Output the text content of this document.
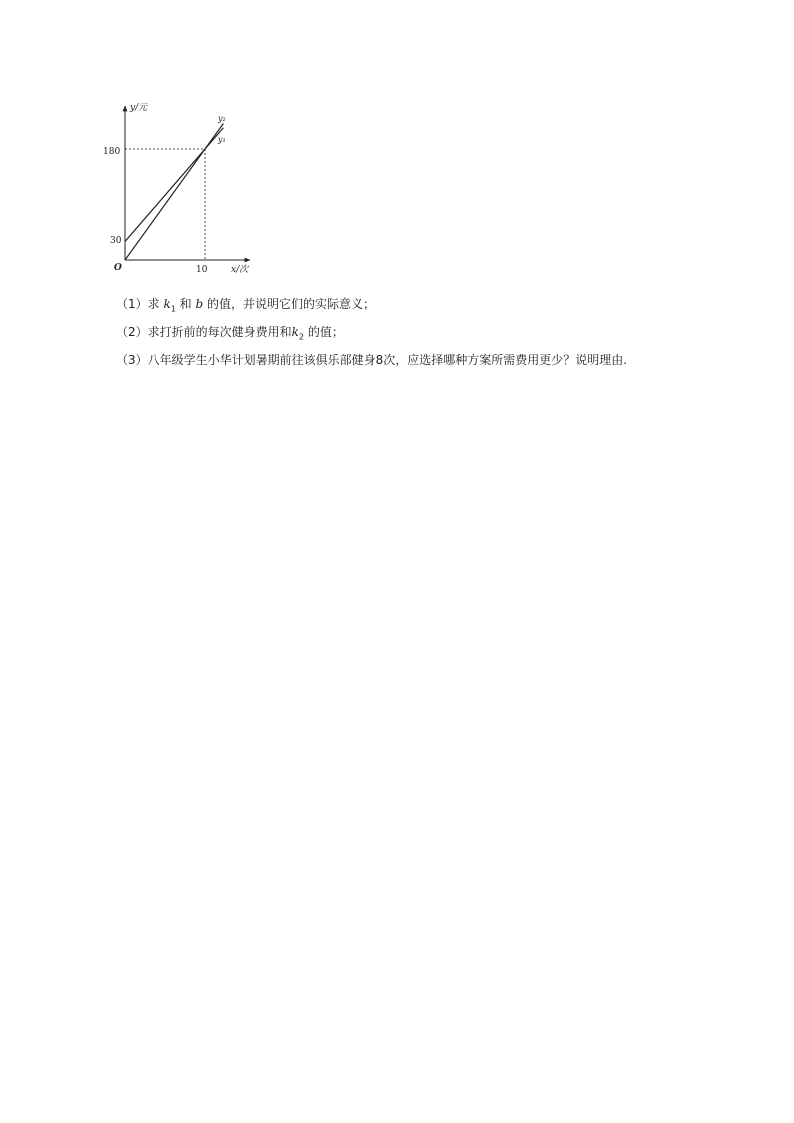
y/元
x/次
O	10
30
180
y₂
y₁
（1）求 $k_1$ 和 b 的值，并说明它们的实际意义；
（2）求打折前的每次健身费用和$k_2$ 的值；
（3）八年级学生小华计划暑期前往该俱乐部健身8次，应选择哪种方案所需费用更少？说明理由.
